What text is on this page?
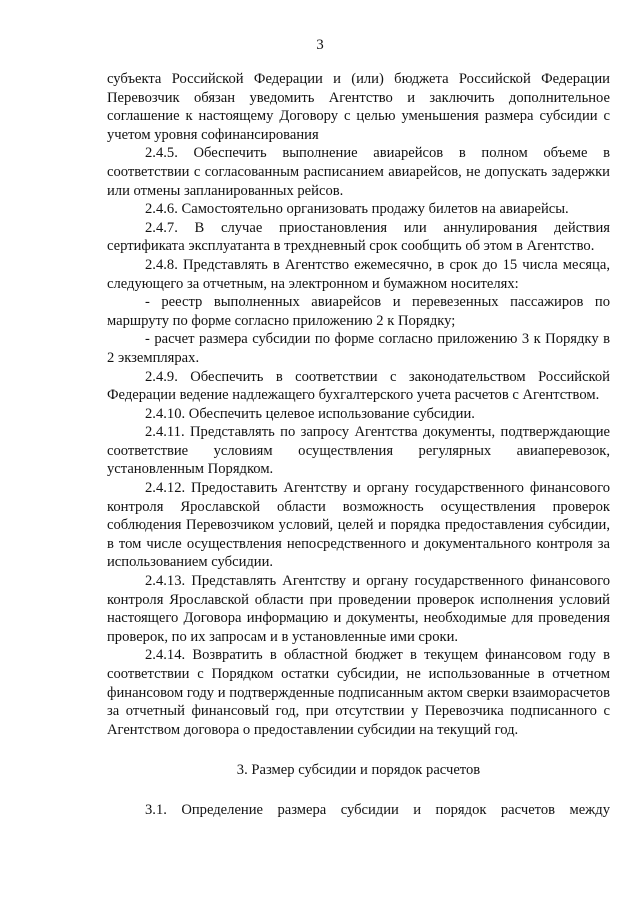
3

субъекта Российской Федерации и (или) бюджета Российской Федерации Перевозчик обязан уведомить Агентство и заключить дополнительное соглашение к настоящему Договору с целью уменьшения размера субсидии с учетом уровня софинансирования

2.4.5. Обеспечить выполнение авиарейсов в полном объеме в соответствии с согласованным расписанием авиарейсов, не допускать задержки или отмены запланированных рейсов.

2.4.6. Самостоятельно организовать продажу билетов на авиарейсы.

2.4.7. В случае приостановления или аннулирования действия сертификата эксплуатанта в трехдневный срок сообщить об этом в Агентство.

2.4.8. Представлять в Агентство ежемесячно, в срок до 15 числа месяца, следующего за отчетным, на электронном и бумажном носителях:

- реестр выполненных авиарейсов и перевезенных пассажиров по маршруту по форме согласно приложению 2 к Порядку;

- расчет размера субсидии по форме согласно приложению 3 к Порядку в 2 экземплярах.

2.4.9. Обеспечить в соответствии с законодательством Российской Федерации ведение надлежащего бухгалтерского учета расчетов с Агентством.

2.4.10. Обеспечить целевое использование субсидии.

2.4.11. Представлять по запросу Агентства документы, подтверждающие соответствие условиям осуществления регулярных авиаперевозок, установленным Порядком.

2.4.12. Предоставить Агентству и органу государственного финансового контроля Ярославской области возможность осуществления проверок соблюдения Перевозчиком условий, целей и порядка предоставления субсидии, в том числе осуществления непосредственного и документального контроля за использованием субсидии.

2.4.13. Представлять Агентству и органу государственного финансового контроля Ярославской области при проведении проверок исполнения условий настоящего Договора информацию и документы, необходимые для проведения проверок, по их запросам и в установленные ими сроки.

2.4.14. Возвратить в областной бюджет в текущем финансовом году в соответствии с Порядком остатки субсидии, не использованные в отчетном финансовом году и подтвержденные подписанным актом сверки взаиморасчетов за отчетный финансовый год, при отсутствии у Перевозчика подписанного с Агентством договора о предоставлении субсидии на текущий год.

3. Размер субсидии и порядок расчетов

3.1. Определение размера субсидии и порядок расчетов между
